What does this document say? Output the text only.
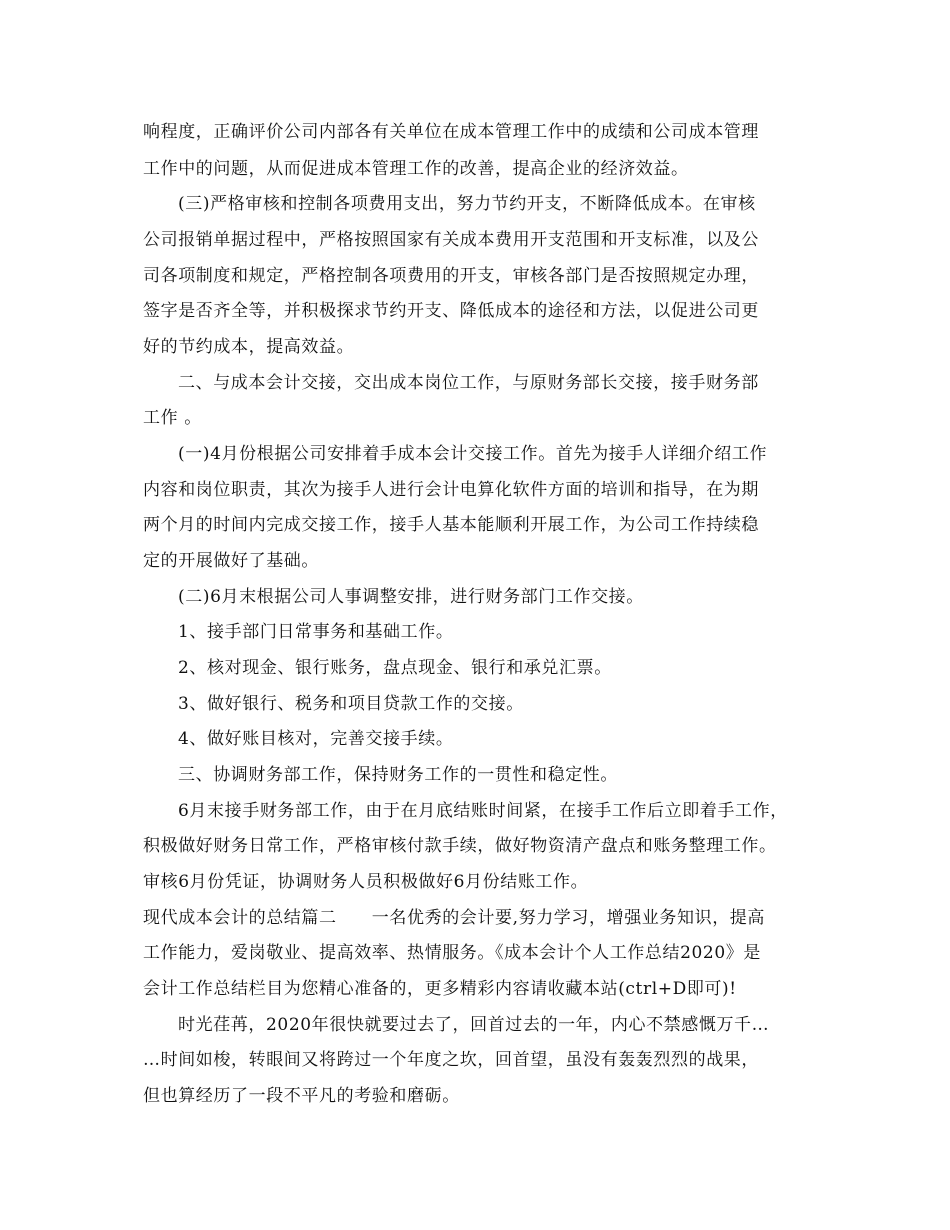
响程度，正确评价公司内部各有关单位在成本管理工作中的成绩和公司成本管理
工作中的问题，从而促进成本管理工作的改善，提高企业的经济效益。
(三)严格审核和控制各项费用支出，努力节约开支，不断降低成本。在审核
公司报销单据过程中，严格按照国家有关成本费用开支范围和开支标准，以及公
司各项制度和规定，严格控制各项费用的开支，审核各部门是否按照规定办理，
签字是否齐全等，并积极探求节约开支、降低成本的途径和方法，以促进公司更
好的节约成本，提高效益。
二、与成本会计交接，交出成本岗位工作，与原财务部长交接，接手财务部
工作 。
(一)4月份根据公司安排着手成本会计交接工作。首先为接手人详细介绍工作
内容和岗位职责，其次为接手人进行会计电算化软件方面的培训和指导，在为期
两个月的时间内完成交接工作，接手人基本能顺利开展工作，为公司工作持续稳
定的开展做好了基础。
(二)6月末根据公司人事调整安排，进行财务部门工作交接。
1、接手部门日常事务和基础工作。
2、核对现金、银行账务，盘点现金、银行和承兑汇票。
3、做好银行、税务和项目贷款工作的交接。
4、做好账目核对，完善交接手续。
三、协调财务部工作，保持财务工作的一贯性和稳定性。
6月末接手财务部工作，由于在月底结账时间紧，在接手工作后立即着手工作，
积极做好财务日常工作，严格审核付款手续，做好物资清产盘点和账务整理工作。
审核6月份凭证，协调财务人员积极做好6月份结账工作。
现代成本会计的总结篇二　　一名优秀的会计要,努力学习，增强业务知识，提高
工作能力，爱岗敬业、提高效率、热情服务。《成本会计个人工作总结2020》是
会计工作总结栏目为您精心准备的，更多精彩内容请收藏本站(ctrl+D即可)!
时光荏苒，2020年很快就要过去了，回首过去的一年，内心不禁感慨万千…
…时间如梭，转眼间又将跨过一个年度之坎，回首望，虽没有轰轰烈烈的战果，
但也算经历了一段不平凡的考验和磨砺。
